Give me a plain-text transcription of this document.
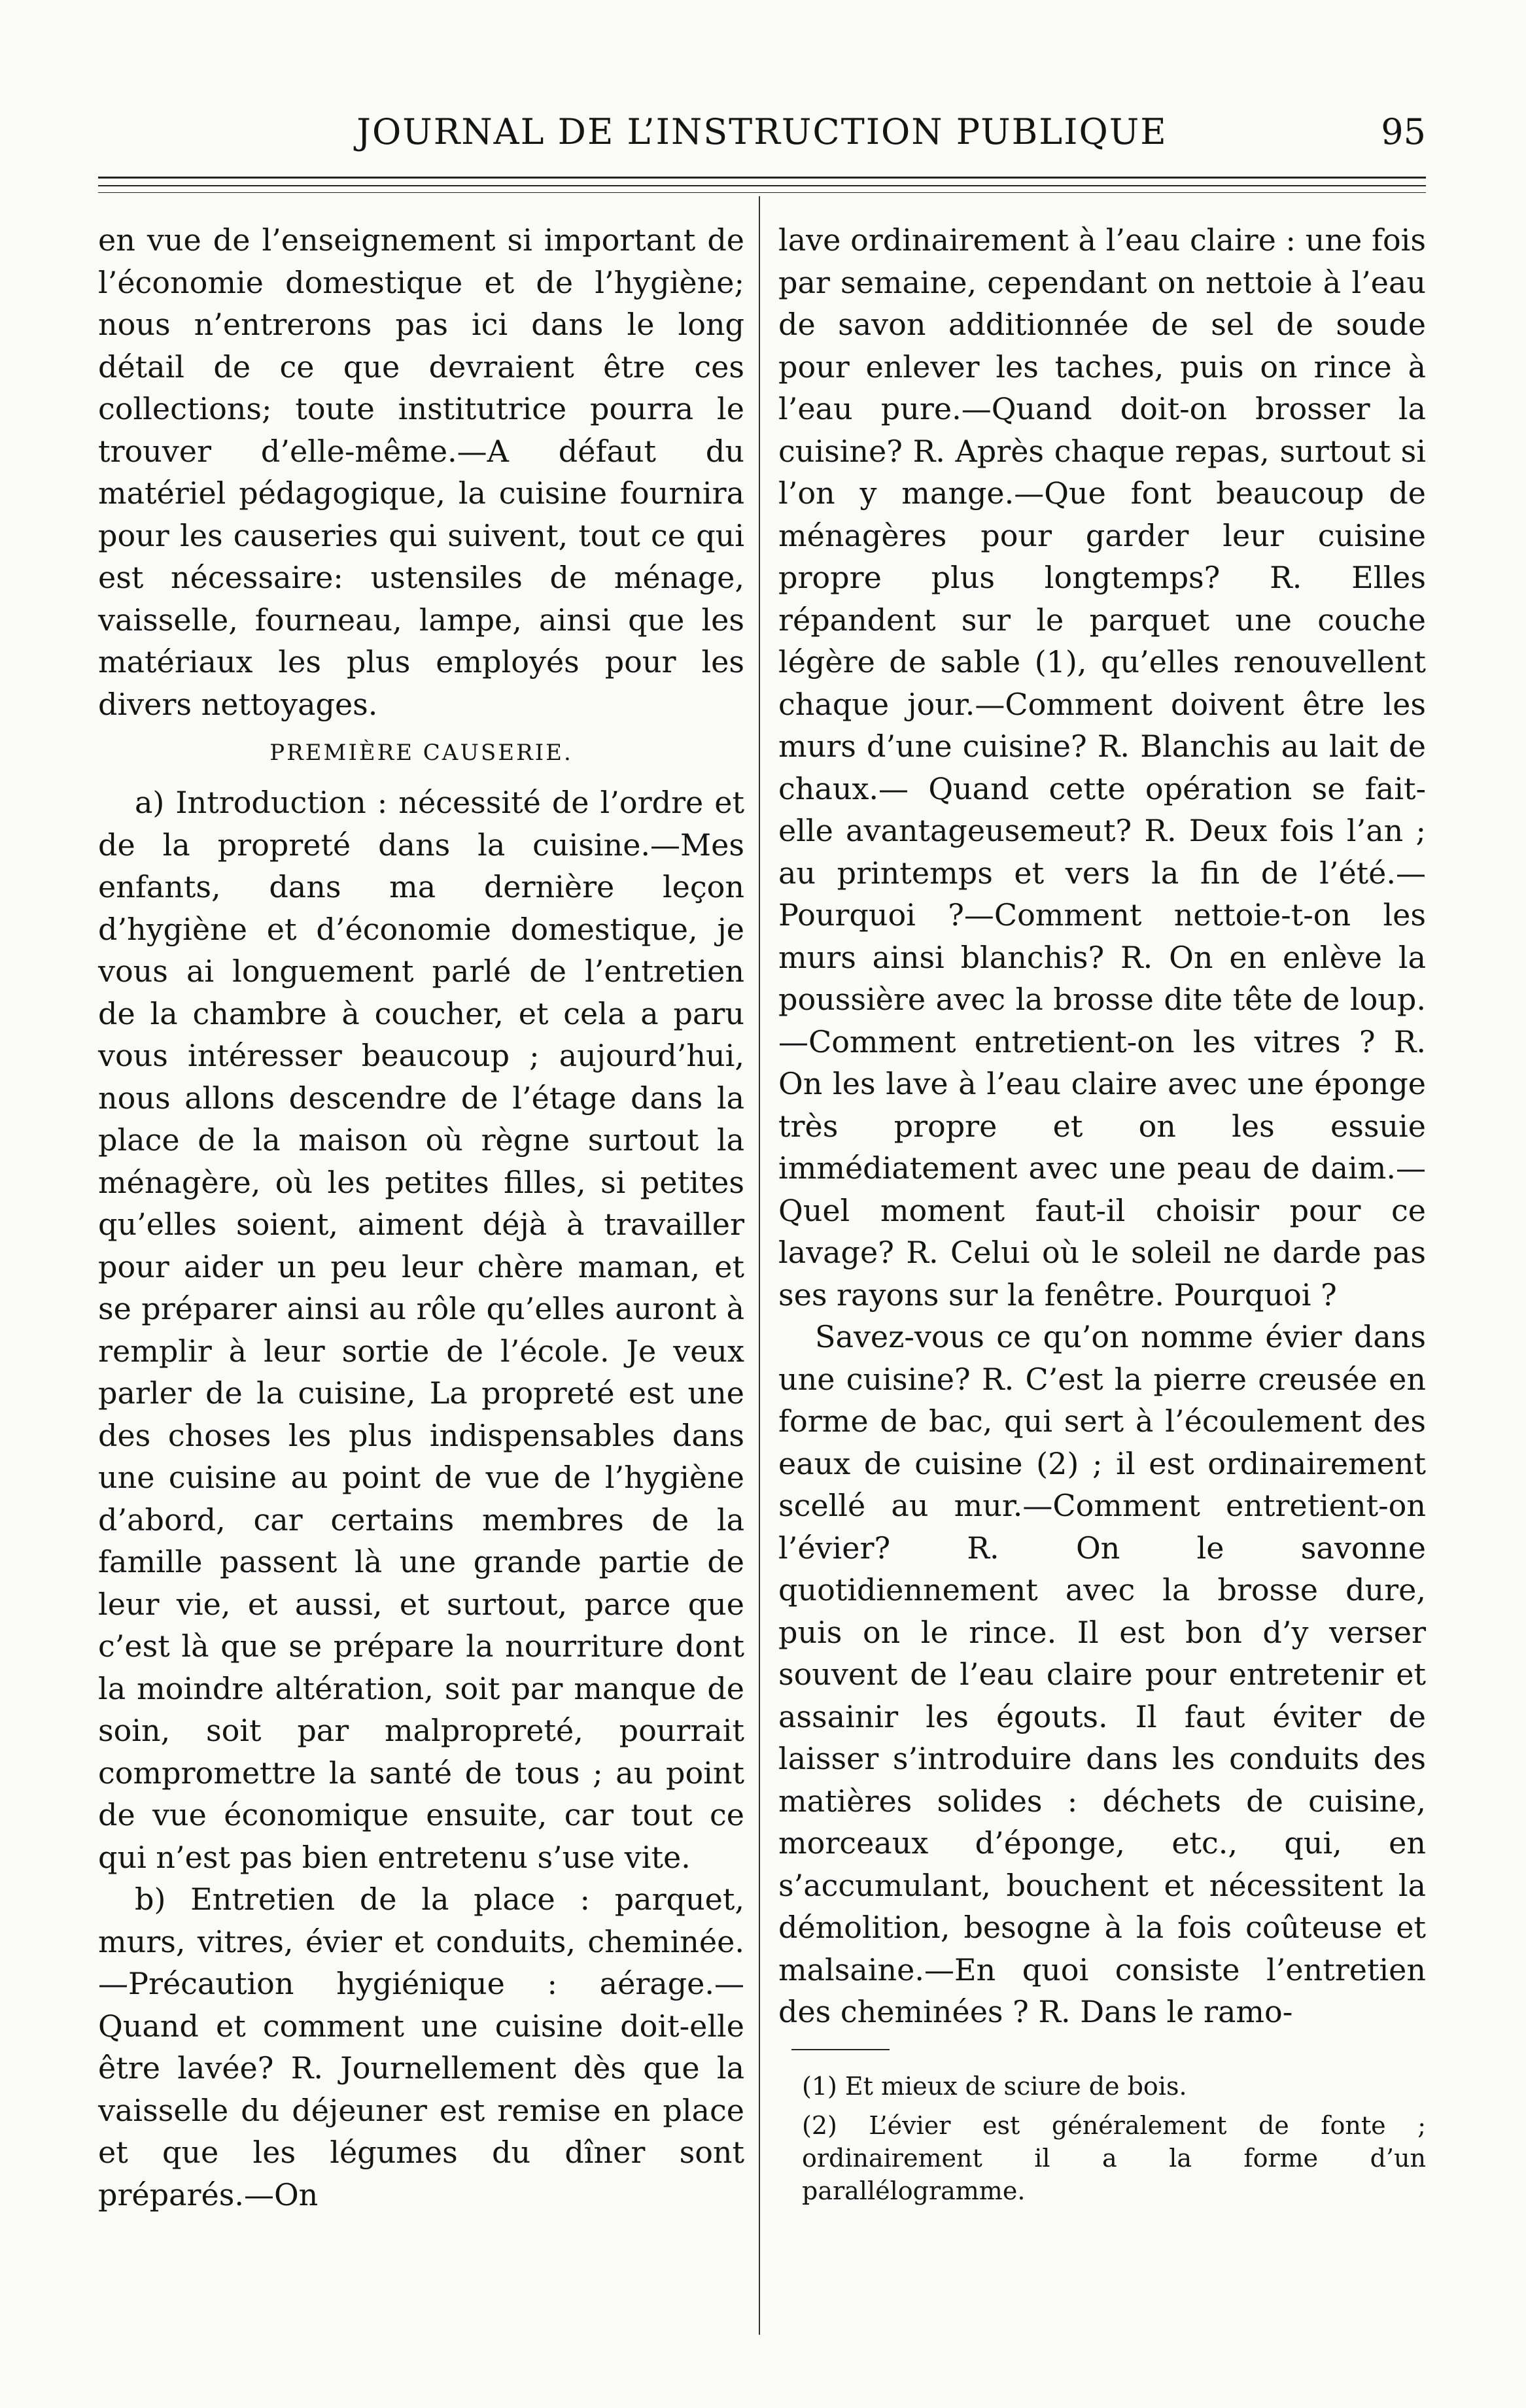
JOURNAL DE L’INSTRUCTION PUBLIQUE	95

en vue de l’enseignement si important de l’économie domestique et de l’hygiène; nous n’entrerons pas ici dans le long détail de ce que devraient être ces collections; toute institutrice pourra le trouver d’elle-même.—A défaut du matériel pédagogique, la cuisine fournira pour les causeries qui suivent, tout ce qui est nécessaire: ustensiles de ménage, vaisselle, fourneau, lampe, ainsi que les matériaux les plus employés pour les divers nettoyages.

PREMIÈRE CAUSERIE.

a) Introduction : nécessité de l’ordre et de la propreté dans la cuisine.—Mes enfants, dans ma dernière leçon d’hygiène et d’économie domestique, je vous ai longuement parlé de l’entretien de la chambre à coucher, et cela a paru vous intéresser beaucoup ; aujourd’hui, nous allons descendre de l’étage dans la place de la maison où règne surtout la ménagère, où les petites filles, si petites qu’elles soient, aiment déjà à travailler pour aider un peu leur chère maman, et se préparer ainsi au rôle qu’elles auront à remplir à leur sortie de l’école. Je veux parler de la cuisine, La propreté est une des choses les plus indispensables dans une cuisine au point de vue de l’hygiène d’abord, car certains membres de la famille passent là une grande partie de leur vie, et aussi, et surtout, parce que c’est là que se prépare la nourriture dont la moindre altération, soit par manque de soin, soit par malpropreté, pourrait compromettre la santé de tous ; au point de vue économique ensuite, car tout ce qui n’est pas bien entretenu s’use vite.

b) Entretien de la place : parquet, murs, vitres, évier et conduits, cheminée. —Précaution hygiénique : aérage.—Quand et comment une cuisine doit-elle être lavée? R. Journellement dès que la vaisselle du déjeuner est remise en place et que les légumes du dîner sont préparés.—On

lave ordinairement à l’eau claire : une fois par semaine, cependant on nettoie à l’eau de savon additionnée de sel de soude pour enlever les taches, puis on rince à l’eau pure.—Quand doit-on brosser la cuisine? R. Après chaque repas, surtout si l’on y mange.—Que font beaucoup de ménagères pour garder leur cuisine propre plus longtemps? R. Elles répandent sur le parquet une couche légère de sable (1), qu’elles renouvellent chaque jour.—Comment doivent être les murs d’une cuisine? R. Blanchis au lait de chaux.— Quand cette opération se fait-elle avantageusemeut? R. Deux fois l’an ; au printemps et vers la fin de l’été.—Pourquoi ?—Comment nettoie-t-on les murs ainsi blanchis? R. On en enlève la poussière avec la brosse dite tête de loup.—Comment entretient-on les vitres ? R. On les lave à l’eau claire avec une éponge très propre et on les essuie immédiatement avec une peau de daim.—Quel moment faut-il choisir pour ce lavage? R. Celui où le soleil ne darde pas ses rayons sur la fenêtre. Pourquoi ?

Savez-vous ce qu’on nomme évier dans une cuisine? R. C’est la pierre creusée en forme de bac, qui sert à l’écoulement des eaux de cuisine (2) ; il est ordinairement scellé au mur.—Comment entretient-on l’évier? R. On le savonne quotidiennement avec la brosse dure, puis on le rince. Il est bon d’y verser souvent de l’eau claire pour entretenir et assainir les égouts. Il faut éviter de laisser s’introduire dans les conduits des matières solides : déchets de cuisine, morceaux d’éponge, etc., qui, en s’accumulant, bouchent et nécessitent la démolition, besogne à la fois coûteuse et malsaine.—En quoi consiste l’entretien des cheminées ? R. Dans le ramo-

(1) Et mieux de sciure de bois.

(2) L’évier est généralement de fonte ; ordinairement il a la forme d’un parallélogramme.
